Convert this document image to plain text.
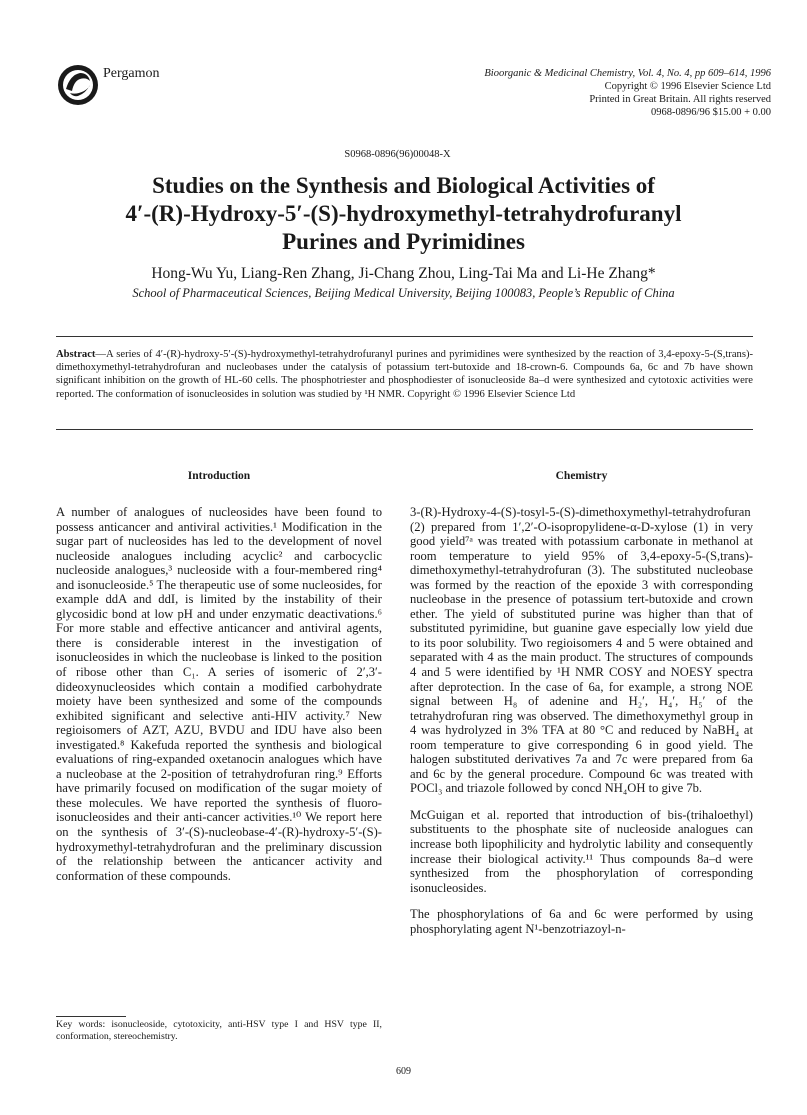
Pergamon	Bioorganic & Medicinal Chemistry, Vol. 4, No. 4, pp 609–614, 1996
Copyright © 1996 Elsevier Science Ltd
Printed in Great Britain. All rights reserved
0968-0896/96 $15.00 + 0.00
S0968-0896(96)00048-X
Studies on the Synthesis and Biological Activities of
4′-(R)-Hydroxy-5′-(S)-hydroxymethyl-tetrahydrofuranyl
Purines and Pyrimidines
Hong-Wu Yu, Liang-Ren Zhang, Ji-Chang Zhou, Ling-Tai Ma and Li-He Zhang*
School of Pharmaceutical Sciences, Beijing Medical University, Beijing 100083, People’s Republic of China
Abstract—A series of 4′-(R)-hydroxy-5′-(S)-hydroxymethyl-tetrahydrofuranyl purines and pyrimidines were synthesized by the reaction of 3,4-epoxy-5-(S,trans)-dimethoxymethyl-tetrahydrofuran and nucleobases under the catalysis of potassium tert-butoxide and 18-crown-6. Compounds 6a, 6c and 7b have shown significant inhibition on the growth of HL-60 cells. The phosphotriester and phosphodiester of isonucleoside 8a–d were synthesized and cytotoxic activities were reported. The conformation of isonucleosides in solution was studied by ¹H NMR. Copyright © 1996 Elsevier Science Ltd
Introduction

A number of analogues of nucleosides have been found to possess anticancer and antiviral activities.¹ Modification in the sugar part of nucleosides has led to the development of novel nucleoside analogues including acyclic² and carbocyclic nucleoside analogues,³ nucleoside with a four-membered ring⁴ and isonucleoside.⁵ The therapeutic use of some nucleosides, for example ddA and ddI, is limited by the instability of their glycosidic bond at low pH and under enzymatic deactivations.⁶ For more stable and effective anticancer and antiviral agents, there is considerable interest in the investigation of isonucleosides in which the nucleobase is linked to the position of ribose other than C₁. A series of isomeric of 2′,3′-dideoxynucleosides which contain a modified carbohydrate moiety have been synthesized and some of the compounds exhibited significant and selective anti-HIV activity.⁷ New regioisomers of AZT, AZU, BVDU and IDU have also been investigated.⁸ Kakefuda reported the synthesis and biological evaluations of ring-expanded oxetanocin analogues which have a nucleobase at the 2-position of tetrahydrofuran ring.⁹ Efforts have primarily focused on modification of the sugar moiety of these molecules. We have reported the synthesis of fluoro-isonucleosides and their anti-cancer activities.¹⁰ We report here on the synthesis of 3′-(S)-nucleobase-4′-(R)-hydroxy-5′-(S)-hydroxymethyl-tetrahydrofuran and the preliminary discussion of the relationship between the anticancer activity and conformation of these compounds.

Chemistry

3-(R)-Hydroxy-4-(S)-tosyl-5-(S)-dimethoxymethyl-tetrahydrofuran (2) prepared from 1′,2′-O-isopropylidene-α-D-xylose (1) in very good yield⁷ᵃ was treated with potassium carbonate in methanol at room temperature to yield 95% of 3,4-epoxy-5-(S,trans)-dimethoxymethyl-tetrahydrofuran (3). The substituted nucleobase was formed by the reaction of the epoxide 3 with corresponding nucleobase in the presence of potassium tert-butoxide and crown ether. The yield of substituted purine was higher than that of substituted pyrimidine, but guanine gave especially low yield due to its poor solubility. Two regioisomers 4 and 5 were obtained and separated with 4 as the main product. The structures of compounds 4 and 5 were identified by ¹H NMR COSY and NOESY spectra after deprotection. In the case of 6a, for example, a strong NOE signal between H₈ of adenine and H₂′, H₄′, H₅′ of the tetrahydrofuran ring was observed. The dimethoxymethyl group in 4 was hydrolyzed in 3% TFA at 80 °C and reduced by NaBH₄ at room temperature to give corresponding 6 in good yield. The halogen substituted derivatives 7a and 7c were prepared from 6a and 6c by the general procedure. Compound 6c was treated with POCl₃ and triazole followed by concd NH₄OH to give 7b.

McGuigan et al. reported that introduction of bis-(trihaloethyl) substituents to the phosphate site of nucleoside analogues can increase both lipophilicity and hydrolytic lability and consequently increase their biological activity.¹¹ Thus compounds 8a–d were synthesized from the phosphorylation of corresponding isonucleosides.

The phosphorylations of 6a and 6c were performed by using phosphorylating agent N¹-benzotriazoyl-n-

Key words: isonucleoside, cytotoxicity, anti-HSV type I and HSV type II, conformation, stereochemistry.
609
